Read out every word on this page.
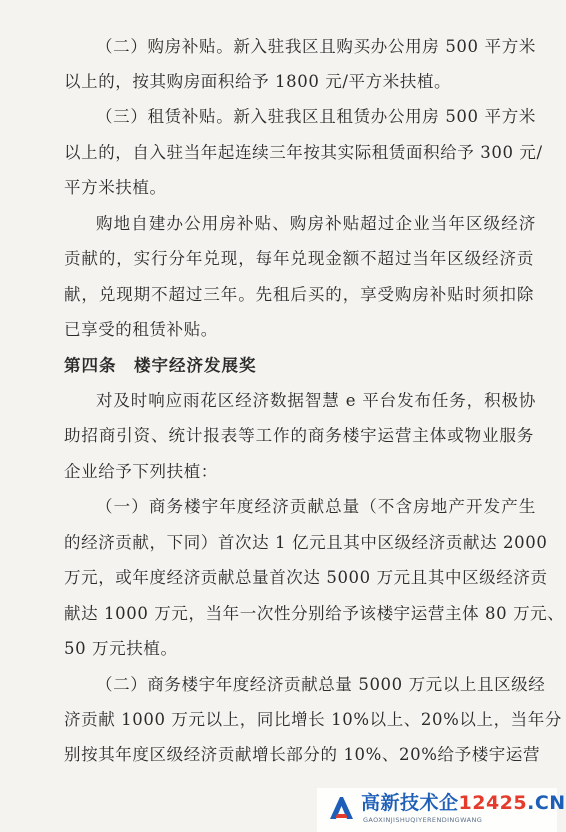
（二）购房补贴。新入驻我区且购买办公用房 500 平方米
以上的，按其购房面积给予 1800 元/平方米扶植。
（三）租赁补贴。新入驻我区且租赁办公用房 500 平方米
以上的，自入驻当年起连续三年按其实际租赁面积给予 300 元/
平方米扶植。
购地自建办公用房补贴、购房补贴超过企业当年区级经济
贡献的，实行分年兑现，每年兑现金额不超过当年区级经济贡
献，兑现期不超过三年。先租后买的，享受购房补贴时须扣除
已享受的租赁补贴。
第四条　楼宇经济发展奖
对及时响应雨花区经济数据智慧 e 平台发布任务，积极协
助招商引资、统计报表等工作的商务楼宇运营主体或物业服务
企业给予下列扶植：
（一）商务楼宇年度经济贡献总量（不含房地产开发产生
的经济贡献，下同）首次达 1 亿元且其中区级经济贡献达 2000
万元，或年度经济贡献总量首次达 5000 万元且其中区级经济贡
献达 1000 万元，当年一次性分别给予该楼宇运营主体 80 万元、
50 万元扶植。
（二）商务楼宇年度经济贡献总量 5000 万元以上且区级经
济贡献 1000 万元以上，同比增长 10%以上、20%以上，当年分
别按其年度区级经济贡献增长部分的 10%、20%给予楼宇运营
高新技术企12425.CN
GAOXINJISHUQIYERENDINGWANG
